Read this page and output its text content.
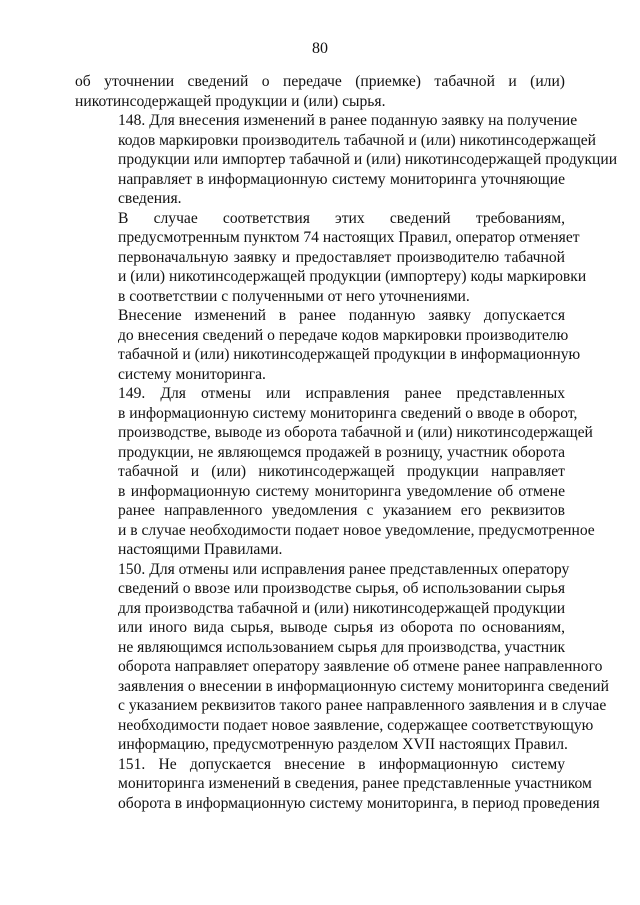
80

об уточнении сведений о передаче (приемке) табачной и (или)
никотинсодержащей продукции и (или) сырья.

148. Для внесения изменений в ранее поданную заявку на получение
кодов маркировки производитель табачной и (или) никотинсодержащей
продукции или импортер табачной и (или) никотинсодержащей продукции
направляет в информационную систему мониторинга уточняющие
сведения.

В случае соответствия этих сведений требованиям,
предусмотренным пунктом 74 настоящих Правил, оператор отменяет
первоначальную заявку и предоставляет производителю табачной
и (или) никотинсодержащей продукции (импортеру) коды маркировки
в соответствии с полученными от него уточнениями.

Внесение изменений в ранее поданную заявку допускается
до внесения сведений о передаче кодов маркировки производителю
табачной и (или) никотинсодержащей продукции в информационную
систему мониторинга.

149. Для отмены или исправления ранее представленных
в информационную систему мониторинга сведений о вводе в оборот,
производстве, выводе из оборота табачной и (или) никотинсодержащей
продукции, не являющемся продажей в розницу, участник оборота
табачной и (или) никотинсодержащей продукции направляет
в информационную систему мониторинга уведомление об отмене
ранее направленного уведомления с указанием его реквизитов
и в случае необходимости подает новое уведомление, предусмотренное
настоящими Правилами.

150. Для отмены или исправления ранее представленных оператору
сведений о ввозе или производстве сырья, об использовании сырья
для производства табачной и (или) никотинсодержащей продукции
или иного вида сырья, выводе сырья из оборота по основаниям,
не являющимся использованием сырья для производства, участник
оборота направляет оператору заявление об отмене ранее направленного
заявления о внесении в информационную систему мониторинга сведений
с указанием реквизитов такого ранее направленного заявления и в случае
необходимости подает новое заявление, содержащее соответствующую
информацию, предусмотренную разделом XVII настоящих Правил.

151. Не допускается внесение в информационную систему
мониторинга изменений в сведения, ранее представленные участником
оборота в информационную систему мониторинга, в период проведения
